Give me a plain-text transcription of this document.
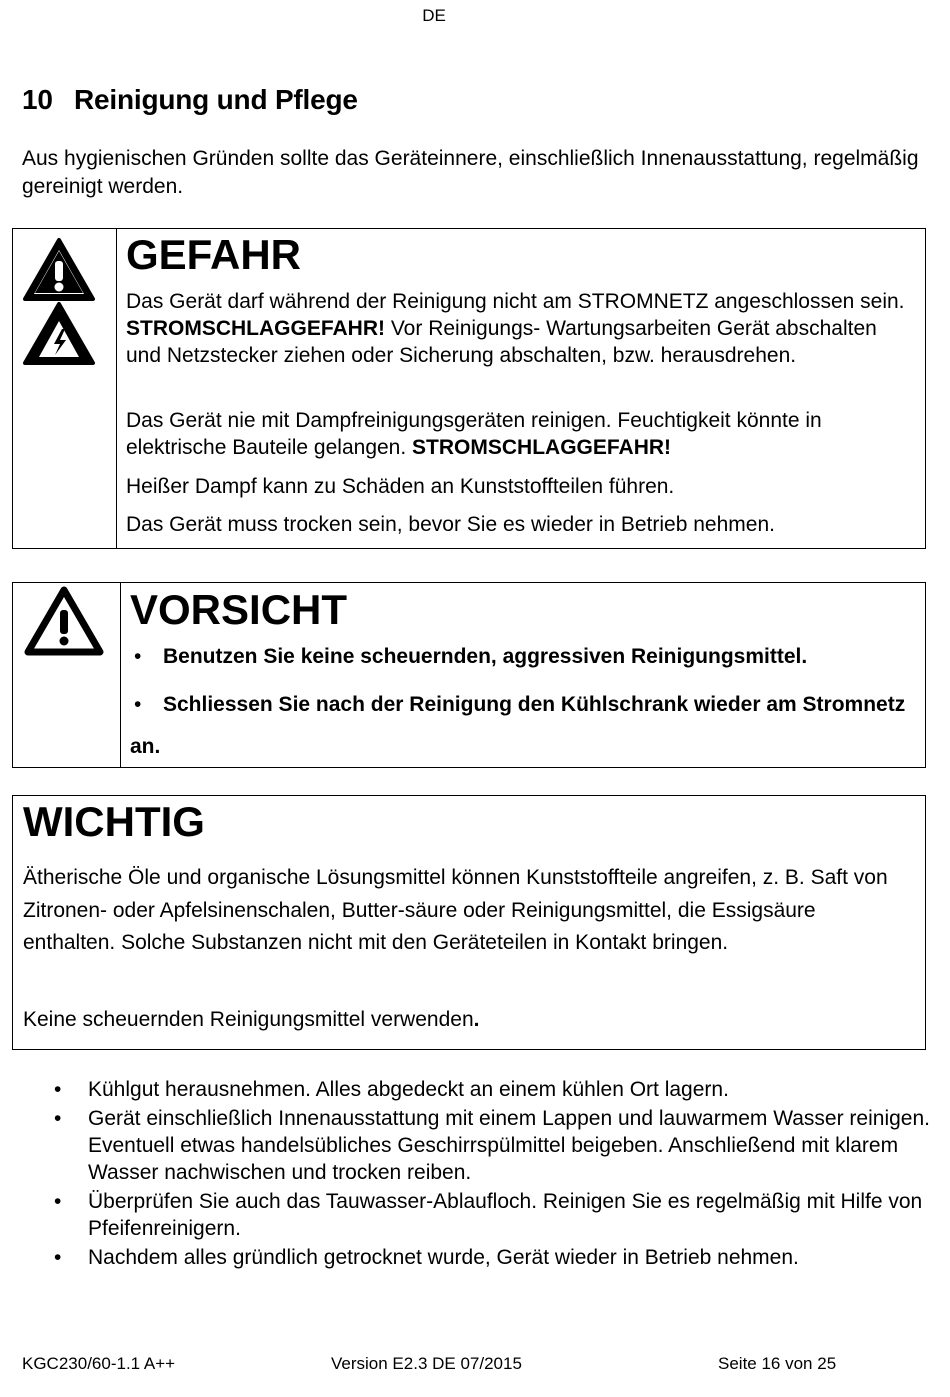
DE
10 Reinigung und Pflege
Aus hygienischen Gründen sollte das Geräteinnere, einschließlich Innenausstattung, regelmäßig gereinigt werden.
GEFAHR
Das Gerät darf während der Reinigung nicht am STROMNETZ angeschlossen sein. STROMSCHLAGGEFAHR! Vor Reinigungs- Wartungsarbeiten Gerät abschalten und Netzstecker ziehen oder Sicherung abschalten, bzw. herausdrehen.
Das Gerät nie mit Dampfreinigungsgeräten reinigen. Feuchtigkeit könnte in elektrische Bauteile gelangen. STROMSCHLAGGEFAHR!
Heißer Dampf kann zu Schäden an Kunststoffteilen führen.
Das Gerät muss trocken sein, bevor Sie es wieder in Betrieb nehmen.
VORSICHT
• Benutzen Sie keine scheuernden, aggressiven Reinigungsmittel.
• Schliessen Sie nach der Reinigung den Kühlschrank wieder am Stromnetz an.
WICHTIG
Ätherische Öle und organische Lösungsmittel können Kunststoffteile angreifen, z. B. Saft von Zitronen- oder Apfelsinenschalen, Butter-säure oder Reinigungsmittel, die Essigsäure enthalten. Solche Substanzen nicht mit den Geräteteilen in Kontakt bringen.
Keine scheuernden Reinigungsmittel verwenden.
• Kühlgut herausnehmen. Alles abgedeckt an einem kühlen Ort lagern.
• Gerät einschließlich Innenausstattung mit einem Lappen und lauwarmem Wasser reinigen. Eventuell etwas handelsübliches Geschirrspülmittel beigeben. Anschließend mit klarem Wasser nachwischen und trocken reiben.
• Überprüfen Sie auch das Tauwasser-Ablaufloch. Reinigen Sie es regelmäßig mit Hilfe von Pfeifenreinigern.
• Nachdem alles gründlich getrocknet wurde, Gerät wieder in Betrieb nehmen.
KGC230/60-1.1 A++	Version E2.3 DE 07/2015	Seite 16 von 25
